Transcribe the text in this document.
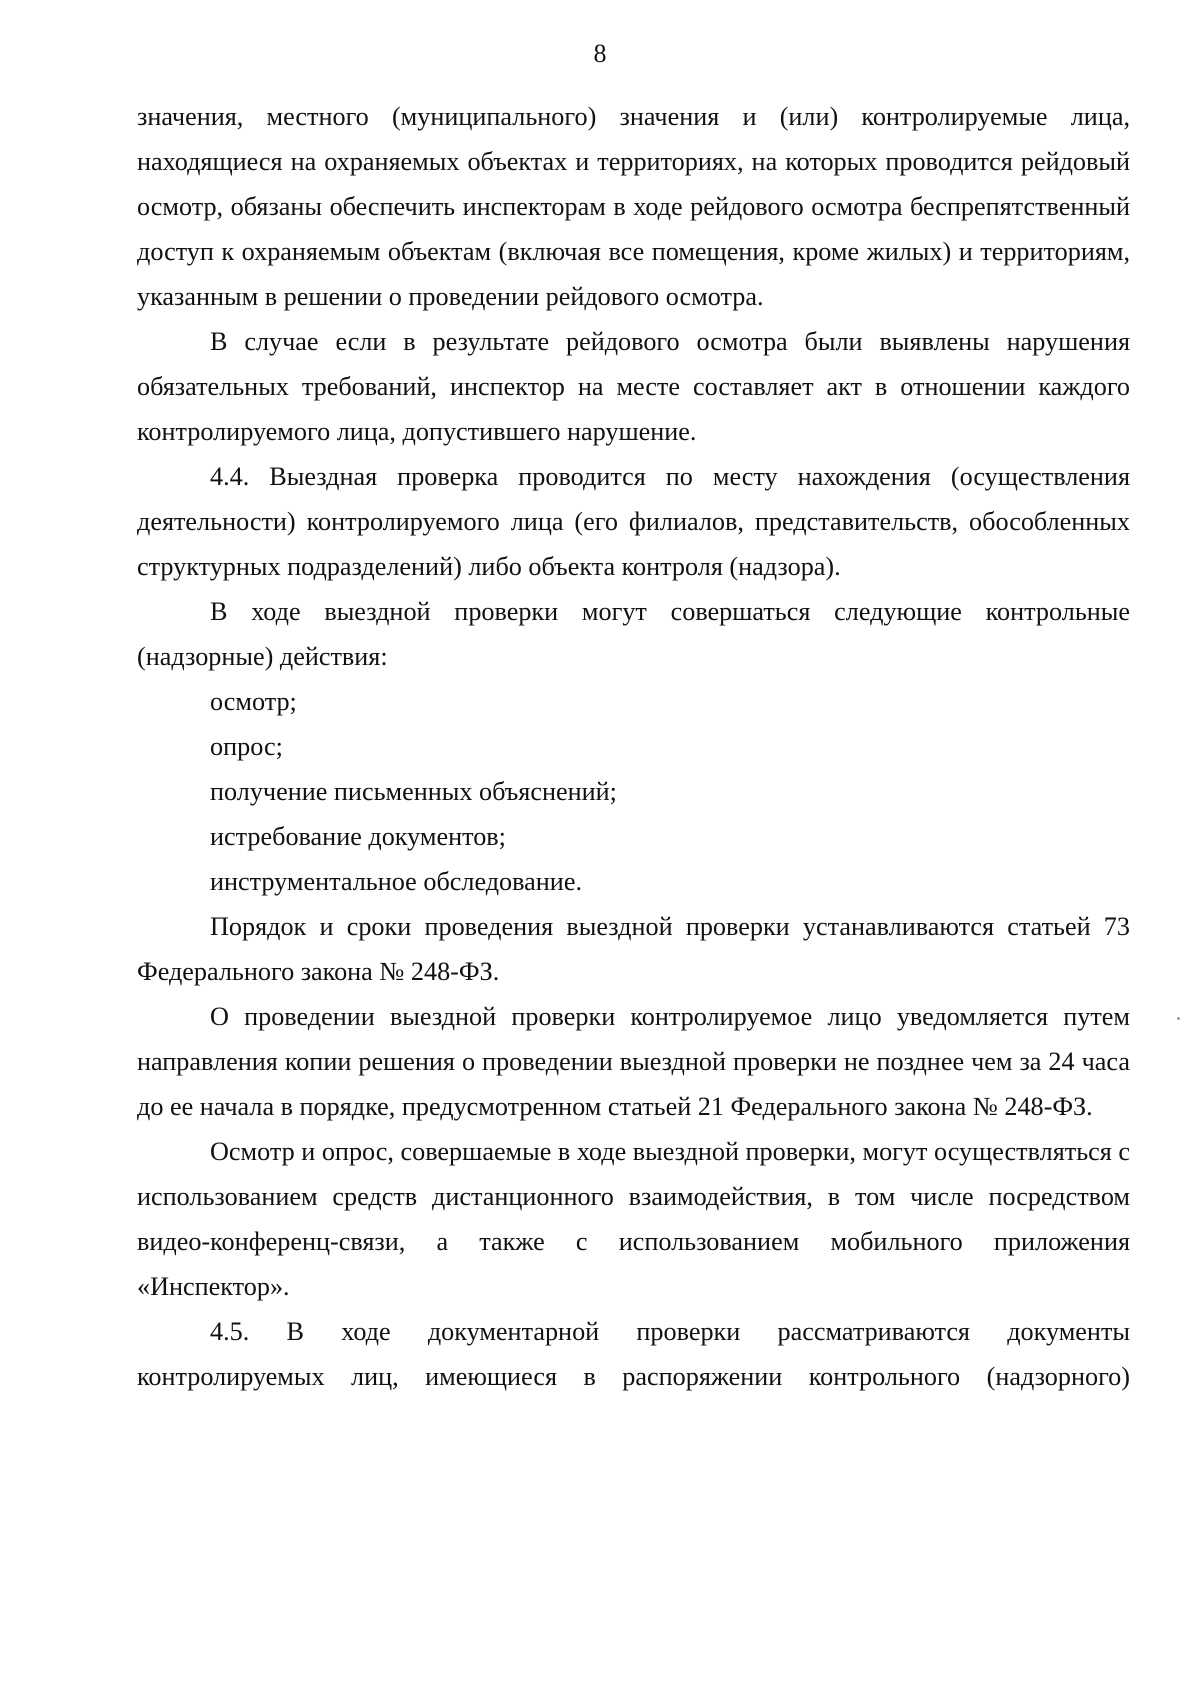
8

значения, местного (муниципального) значения и (или) контролируемые лица, находящиеся на охраняемых объектах и территориях, на которых проводится рейдовый осмотр, обязаны обеспечить инспекторам в ходе рейдового осмотра беспрепятственный доступ к охраняемым объектам (включая все помещения, кроме жилых) и территориям, указанным в решении о проведении рейдового осмотра.

В случае если в результате рейдового осмотра были выявлены нарушения обязательных требований, инспектор на месте составляет акт в отношении каждого контролируемого лица, допустившего нарушение.

4.4. Выездная проверка проводится по месту нахождения (осуществления деятельности) контролируемого лица (его филиалов, представительств, обособленных структурных подразделений) либо объекта контроля (надзора).

В ходе выездной проверки могут совершаться следующие контрольные (надзорные) действия:

осмотр;

опрос;

получение письменных объяснений;

истребование документов;

инструментальное обследование.

Порядок и сроки проведения выездной проверки устанавливаются статьей 73 Федерального закона № 248-ФЗ.

О проведении выездной проверки контролируемое лицо уведомляется путем направления копии решения о проведении выездной проверки не позднее чем за 24 часа до ее начала в порядке, предусмотренном статьей 21 Федерального закона № 248-ФЗ.

Осмотр и опрос, совершаемые в ходе выездной проверки, могут осуществляться с использованием средств дистанционного взаимодействия, в том числе посредством видео-конференц-связи, а также с использованием мобильного приложения «Инспектор».

4.5. В ходе документарной проверки рассматриваются документы контролируемых лиц, имеющиеся в распоряжении контрольного (надзорного)
